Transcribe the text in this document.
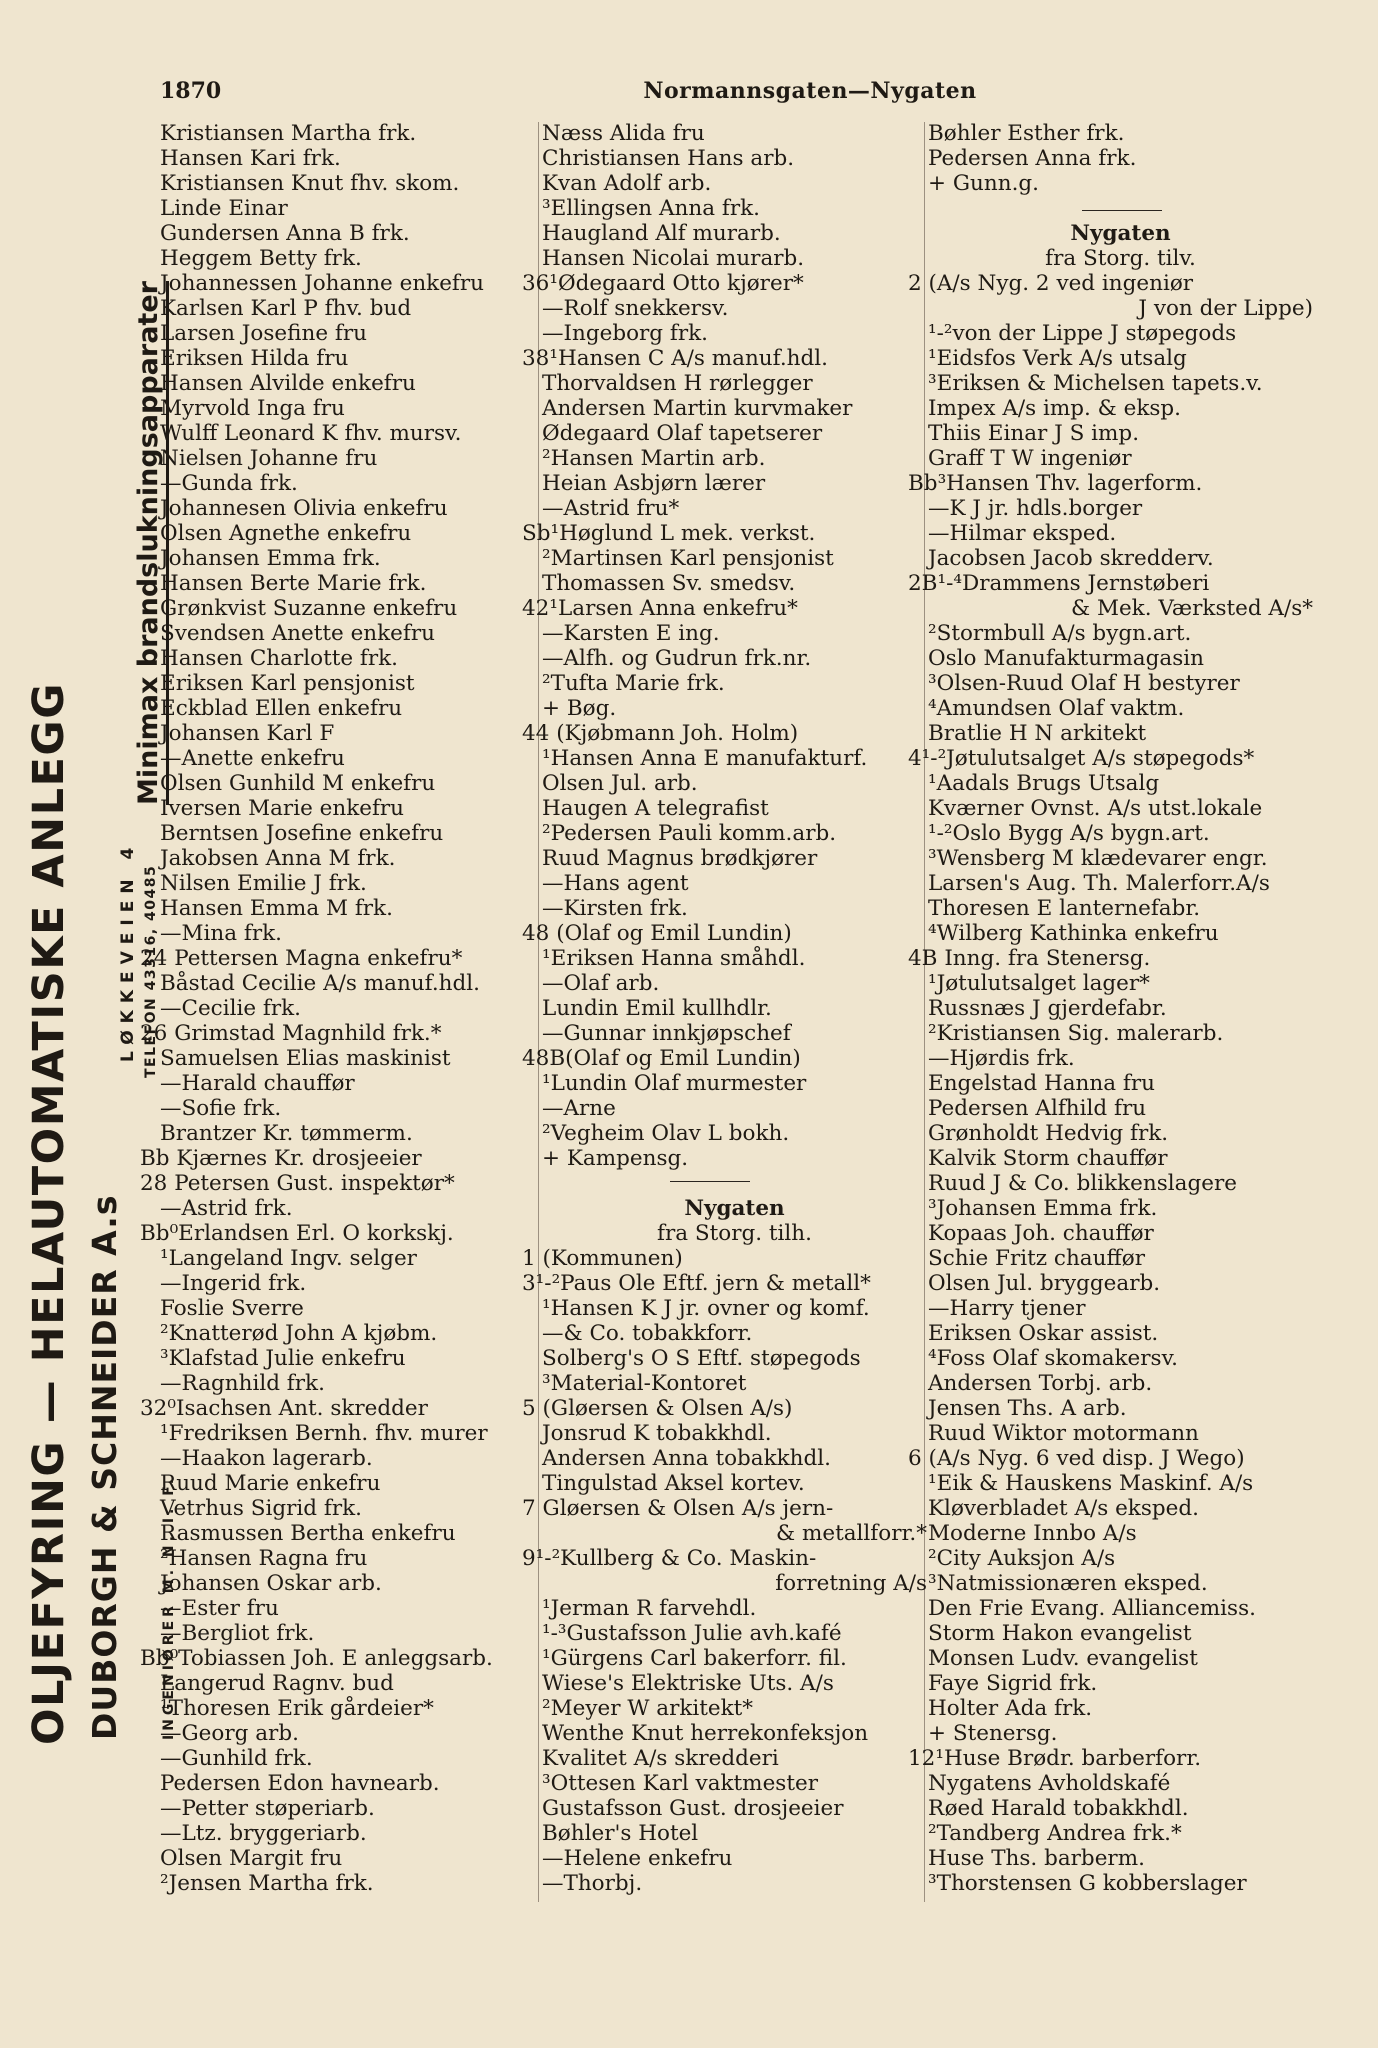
1870	Normannsgaten—Nygaten
OLJEFYRING — HELAUTOMATISKE ANLEGG DUBORGH & SCHNEIDER A.s
LØKKEVEIEN 4 TELEFON 43316, 40485
Minimax brandslukningsapparater
INGENIØRER M. N. I. F.
Kristiansen Martha frk.
Hansen Kari frk.
Kristiansen Knut fhv. skom.
Linde Einar
Gundersen Anna B frk.
Heggem Betty frk.
Johannessen Johanne enkefru
Karlsen Karl P fhv. bud
Larsen Josefine fru
Eriksen Hilda fru
Hansen Alvilde enkefru
Myrvold Inga fru
Wulff Leonard K fhv. mursv.
Nielsen Johanne fru
—Gunda frk.
Johannesen Olivia enkefru
Olsen Agnethe enkefru
Johansen Emma frk.
Hansen Berte Marie frk.
Grønkvist Suzanne enkefru
Svendsen Anette enkefru
Hansen Charlotte frk.
Eriksen Karl pensjonist
Eckblad Ellen enkefru
Johansen Karl F
—Anette enkefru
Olsen Gunhild M enkefru
Iversen Marie enkefru
Berntsen Josefine enkefru
Jakobsen Anna M frk.
Nilsen Emilie J frk.
Hansen Emma M frk.
—Mina frk.
24 Pettersen Magna enkefru*
Båstad Cecilie A/s manuf.hdl.
—Cecilie frk.
26 Grimstad Magnhild frk.*
Samuelsen Elias maskinist
—Harald chauffør
—Sofie frk.
Brantzer Kr. tømmerm.
Bb Kjærnes Kr. drosjeeier
28 Petersen Gust. inspektør*
—Astrid frk.
Bb⁰Erlandsen Erl. O korkskj.
¹Langeland Ingv. selger
—Ingerid frk.
Foslie Sverre
²Knatterød John A kjøbm.
³Klafstad Julie enkefru
—Ragnhild frk.
32⁰Isachsen Ant. skredder
¹Fredriksen Bernh. fhv. murer
—Haakon lagerarb.
Ruud Marie enkefru
Vetrhus Sigrid frk.
Rasmussen Bertha enkefru
²Hansen Ragna fru
Johansen Oskar arb.
—Ester fru
—Bergliot frk.
Bb⁰Tobiassen Joh. E anleggsarb.
Langerud Ragnv. bud
¹Thoresen Erik gårdeier*
—Georg arb.
—Gunhild frk.
Pedersen Edon havnearb.
—Petter støperiarb.
—Ltz. bryggeriarb.
Olsen Margit fru
²Jensen Martha frk.
Næss Alida fru
Christiansen Hans arb.
Kvan Adolf arb.
³Ellingsen Anna frk.
Haugland Alf murarb.
Hansen Nicolai murarb.
36¹Ødegaard Otto kjører*
—Rolf snekkersv.
—Ingeborg frk.
38¹Hansen C A/s manuf.hdl.
Thorvaldsen H rørlegger
Andersen Martin kurvmaker
Ødegaard Olaf tapetserer
²Hansen Martin arb.
Heian Asbjørn lærer
—Astrid fru*
Sb¹Høglund L mek. verkst.
²Martinsen Karl pensjonist
Thomassen Sv. smedsv.
42¹Larsen Anna enkefru*
—Karsten E ing.
—Alfh. og Gudrun frk.nr.
²Tufta Marie frk.
+ Bøg.
44 (Kjøbmann Joh. Holm)
¹Hansen Anna E manufakturf.
Olsen Jul. arb.
Haugen A telegrafist
²Pedersen Pauli komm.arb.
Ruud Magnus brødkjører
—Hans agent
—Kirsten frk.
48 (Olaf og Emil Lundin)
¹Eriksen Hanna småhdl.
—Olaf arb.
Lundin Emil kullhdlr.
—Gunnar innkjøpschef
48B(Olaf og Emil Lundin)
¹Lundin Olaf murmester
—Arne
²Vegheim Olav L bokh.
+ Kampensg.

Nygaten
fra Storg. tilh.
1 (Kommunen)
3¹-²Paus Ole Eftf. jern & metall*
¹Hansen K J jr. ovner og komf.
—& Co. tobakkforr.
Solberg's O S Eftf. støpegods
³Material-Kontoret
5 (Gløersen & Olsen A/s)
Jonsrud K tobakkhdl.
Andersen Anna tobakkhdl.
Tingulstad Aksel kortev.
7 Gløersen & Olsen A/s jern-
& metallforr.*
9¹-²Kullberg & Co. Maskin-
forretning A/s
¹Jerman R farvehdl.
¹-³Gustafsson Julie avh.kafé
¹Gürgens Carl bakerforr. fil.
Wiese's Elektriske Uts. A/s
²Meyer W arkitekt*
Wenthe Knut herrekonfeksjon
Kvalitet A/s skredderi
³Ottesen Karl vaktmester
Gustafsson Gust. drosjeeier
Bøhler's Hotel
—Helene enkefru
—Thorbj.
Bøhler Esther frk.
Pedersen Anna frk.
+ Gunn.g.

Nygaten
fra Storg. tilv.
2 (A/s Nyg. 2 ved ingeniør
J von der Lippe)
¹-²von der Lippe J støpegods
¹Eidsfos Verk A/s utsalg
³Eriksen & Michelsen tapets.v.
Impex A/s imp. & eksp.
Thiis Einar J S imp.
Graff T W ingeniør
Bb³Hansen Thv. lagerform.
—K J jr. hdls.borger
—Hilmar eksped.
Jacobsen Jacob skredderv.
2B¹-⁴Drammens Jernstøberi
& Mek. Værksted A/s*
²Stormbull A/s bygn.art.
Oslo Manufakturmagasin
³Olsen-Ruud Olaf H bestyrer
⁴Amundsen Olaf vaktm.
Bratlie H N arkitekt
4¹-²Jøtulutsalget A/s støpegods*
¹Aadals Brugs Utsalg
Kværner Ovnst. A/s utst.lokale
¹-²Oslo Bygg A/s bygn.art.
³Wensberg M klædevarer engr.
Larsen's Aug. Th. Malerforr.A/s
Thoresen E lanternefabr.
⁴Wilberg Kathinka enkefru
4B Inng. fra Stenersg.
¹Jøtulutsalget lager*
Russnæs J gjerdefabr.
²Kristiansen Sig. malerarb.
—Hjørdis frk.
Engelstad Hanna fru
Pedersen Alfhild fru
Grønholdt Hedvig frk.
Kalvik Storm chauffør
Ruud J & Co. blikkenslagere
³Johansen Emma frk.
Kopaas Joh. chauffør
Schie Fritz chauffør
Olsen Jul. bryggearb.
—Harry tjener
Eriksen Oskar assist.
⁴Foss Olaf skomakersv.
Andersen Torbj. arb.
Jensen Ths. A arb.
Ruud Wiktor motormann
6 (A/s Nyg. 6 ved disp. J Wego)
¹Eik & Hauskens Maskinf. A/s
Kløverbladet A/s eksped.
Moderne Innbo A/s
²City Auksjon A/s
³Natmissionæren eksped.
Den Frie Evang. Alliancemiss.
Storm Hakon evangelist
Monsen Ludv. evangelist
Faye Sigrid frk.
Holter Ada frk.
+ Stenersg.
12¹Huse Brødr. barberforr.
Nygatens Avholdskafé
Røed Harald tobakkhdl.
²Tandberg Andrea frk.*
Huse Ths. barberm.
³Thorstensen G kobberslager
